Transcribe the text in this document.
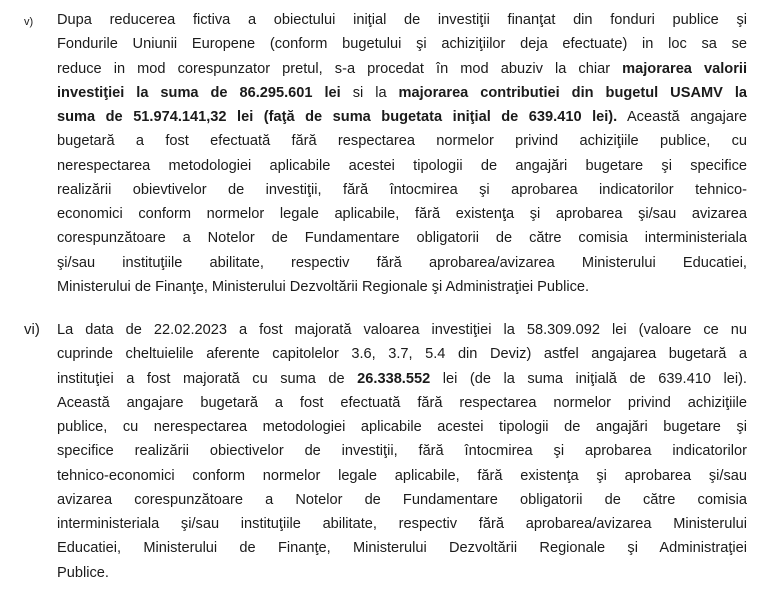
v) Dupa reducerea fictiva a obiectului iniţial de investiţii finanţat din fonduri publice şi
Fondurile Uniunii Europene (conform bugetului şi achiziţiilor deja efectuate) in loc sa se
reduce in mod corespunzator pretul, s-a procedat în mod abuziv la chiar majorarea valorii
investiţiei la suma de 86.295.601 lei si la majorarea contributiei din bugetul USAMV la
suma de 51.974.141,32 lei (faţă de suma bugetata iniţial de 639.410 lei). Această angajare
bugetară a fost efectuată fără respectarea normelor privind achiziţiile publice, cu
nerespectarea metodologiei aplicabile acestei tipologii de angajări bugetare şi specifice
realizării obievtivelor de investiţii, fără întocmirea şi aprobarea indicatorilor tehnico-
economici conform normelor legale aplicabile, fără existenţa şi aprobarea şi/sau avizarea
corespunzătoare a Notelor de Fundamentare obligatorii de către comisia interministeriala
şi/sau instituţiile abilitate, respectiv fără aprobarea/avizarea Ministerului Educatiei,
Ministerului de Finanţe, Ministerului Dezvoltării Regionale şi Administraţiei Publice.
vi) La data de 22.02.2023 a fost majorată valoarea investiţiei la 58.309.092 lei (valoare ce nu
cuprinde cheltuielile aferente capitolelor 3.6, 3.7, 5.4 din Deviz) astfel angajarea bugetară a
instituţiei a fost majorată cu suma de 26.338.552 lei (de la suma iniţială de 639.410 lei).
Această angajare bugetară a fost efectuată fără respectarea normelor privind achiziţiile
publice, cu nerespectarea metodologiei aplicabile acestei tipologii de angajări bugetare şi
specifice realizării obiectivelor de investiţii, fără întocmirea şi aprobarea indicatorilor
tehnico-economici conform normelor legale aplicabile, fără existenţa şi aprobarea şi/sau
avizarea corespunzătoare a Notelor de Fundamentare obligatorii de către comisia
interministeriala şi/sau instituţiile abilitate, respectiv fără aprobarea/avizarea Ministerului
Educatiei, Ministerului de Finanţe, Ministerului Dezvoltării Regionale şi Administraţiei
Publice.
